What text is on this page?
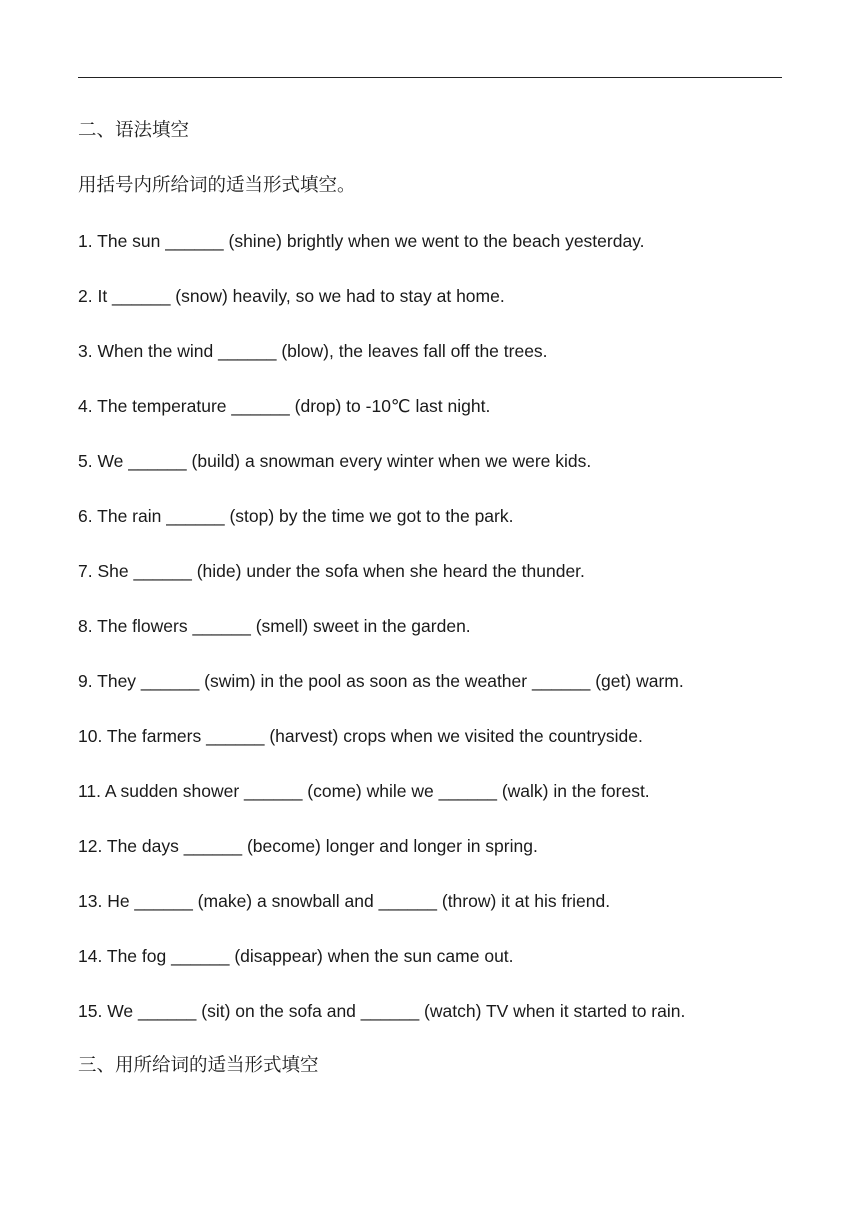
二、语法填空
用括号内所给词的适当形式填空。
1. The sun ______ (shine) brightly when we went to the beach yesterday.
2. It ______ (snow) heavily, so we had to stay at home.
3. When the wind ______ (blow), the leaves fall off the trees.
4. The temperature ______ (drop) to -10℃ last night.
5. We ______ (build) a snowman every winter when we were kids.
6. The rain ______ (stop) by the time we got to the park.
7. She ______ (hide) under the sofa when she heard the thunder.
8. The flowers ______ (smell) sweet in the garden.
9. They ______ (swim) in the pool as soon as the weather ______ (get) warm.
10. The farmers ______ (harvest) crops when we visited the countryside.
11. A sudden shower ______ (come) while we ______ (walk) in the forest.
12. The days ______ (become) longer and longer in spring.
13. He ______ (make) a snowball and ______ (throw) it at his friend.
14. The fog ______ (disappear) when the sun came out.
15. We ______ (sit) on the sofa and ______ (watch) TV when it started to rain.
三、用所给词的适当形式填空
